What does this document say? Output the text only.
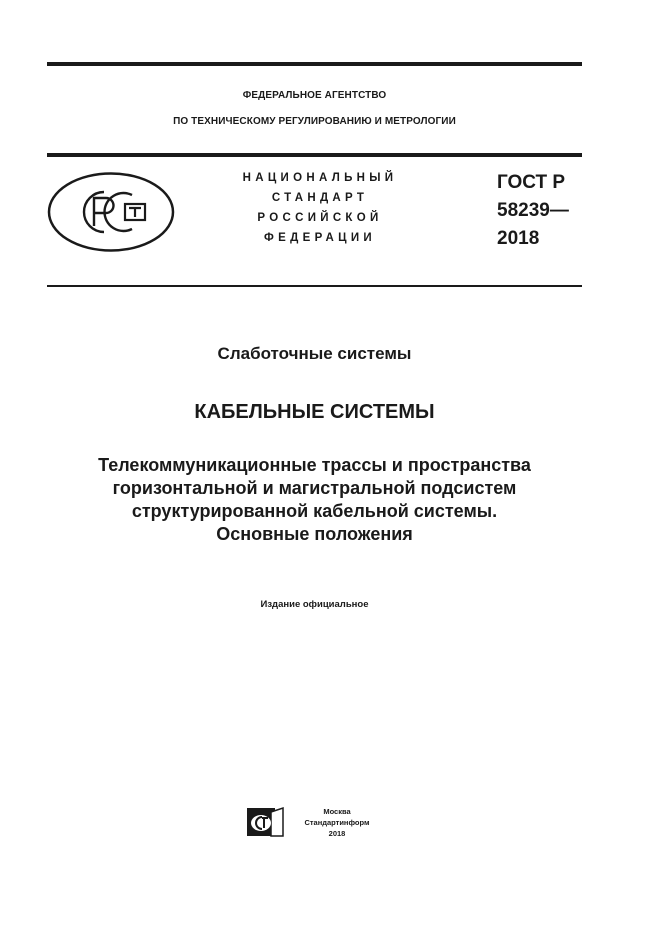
ФЕДЕРАЛЬНОЕ АГЕНТСТВО
ПО ТЕХНИЧЕСКОМУ РЕГУЛИРОВАНИЮ И МЕТРОЛОГИИ
НАЦИОНАЛЬНЫЙ
СТАНДАРТ
РОССИЙСКОЙ
ФЕДЕРАЦИИ
ГОСТ Р
58239—
2018
Слаботочные системы
КАБЕЛЬНЫЕ СИСТЕМЫ
Телекоммуникационные трассы и пространства
горизонтальной и магистральной подсистем
структурированной кабельной системы.
Основные положения
Издание официальное
Москва
Стандартинформ
2018
